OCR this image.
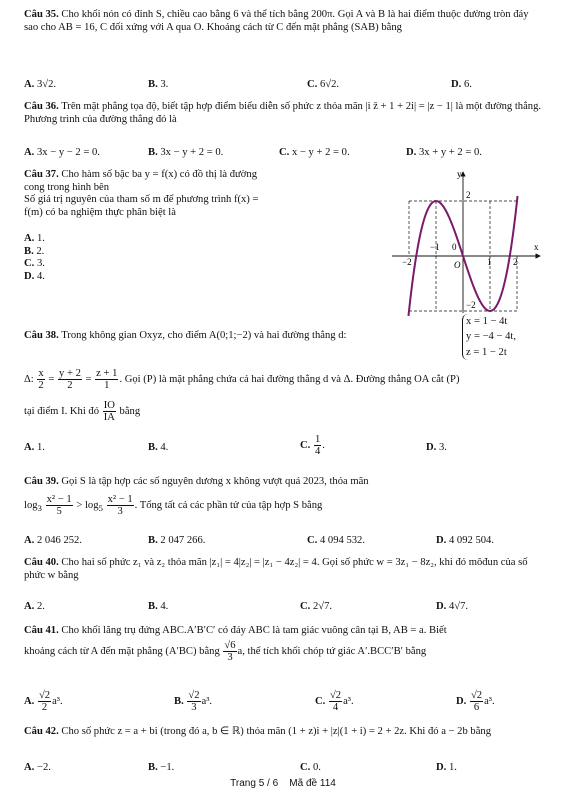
Câu 35. Cho khối nón có đỉnh S, chiều cao bằng 6 và thể tích bằng 200π. Gọi A và B là hai điểm thuộc đường tròn đáy sao cho AB = 16, C đối xứng với A qua O. Khoảng cách từ C đến mặt phẳng (SAB) bằng
A. 3√2.	B. 3.	C. 6√2.	D. 6.
Câu 36. Trên mặt phẳng tọa độ, biết tập hợp điểm biểu diễn số phức z thỏa mãn |i z̄ + 1 + 2i| = |z − 1| là một đường thẳng. Phương trình của đường thẳng đó là
A. 3x − y − 2 = 0.	B. 3x − y + 2 = 0.	C. x − y + 2 = 0.	D. 3x + y + 2 = 0.
Câu 37. Cho hàm số bậc ba y = f(x) có đồ thị là đường cong trong hình bên
Số giá trị nguyên của tham số m để phương trình f(x) = f(m) có ba nghiệm thực phân biệt là
A. 1.
B. 2.
C. 3.
D. 4.
y
x
O
−2
−1 0
1 2
2
−2
Câu 38. Trong không gian Oxyz, cho điểm A(0;1;−2) và hai đường thẳng d:
x = 1 − 4t
y = −4 − 4t,
z = 1 − 2t
Δ: $\frac{x}{2} = \frac{y + 2}{2} = \frac{z + 1}{1}$ . Gọi (P) là mặt phẳng chứa cả hai đường thẳng d và Δ. Đường thẳng OA cắt (P)
tại điểm I. Khi đó $\frac{IO}{IA}$ bằng
A. 1.	B. 4.	C. $\frac{1}{4}$ .	D. 3.
Câu 39. Gọi S là tập hợp các số nguyên dương x không vượt quá 2023, thỏa mãn
$\log_3 \frac{\text{x² − 1}}{5} > \log_5 \frac{\text{x² − 1}}{3}$ . Tổng tất cả các phần tử của tập hợp S bằng
A. 2 046 252.	B. 2 047 266.	C. 4 094 532.	D. 4 092 504.
Câu 40. Cho hai số phức z₁ và z₂ thỏa mãn |z₁| = 4|z₂| = |z₁ − 4z₂| = 4. Gọi số phức w = 3z₁ − 8z₂, khi đó môđun của số phức w bằng
A. 2.	B. 4.	C. 2√7.	D. 4√7.
Câu 41. Cho khối lăng trụ đứng ABC.A′B′C′ có đáy ABC là tam giác vuông cân tại B, AB = a. Biết
khoảng cách từ A đến mặt phẳng (A′BC) bằng $\frac{√6}{3} a$, thể tích khối chóp tứ giác A′.BCC′B′ bằng
A. $\frac{√2}{2} a^3$.	B. $\frac{√2}{3} a^3$.	C. $\frac{√2}{4} a^3$.	D. $\frac{√2}{6} a^3$.
Câu 42. Cho số phức z = a + bi (trong đó a, b ∈ ℝ) thỏa mãn (1 + z)i + |z|(1 + i) = 2 + 2z. Khi đó a − 2b bằng
A. −2.	B. −1.	C. 0.	D. 1.
Trang 5 / 6 Mã đề 114
